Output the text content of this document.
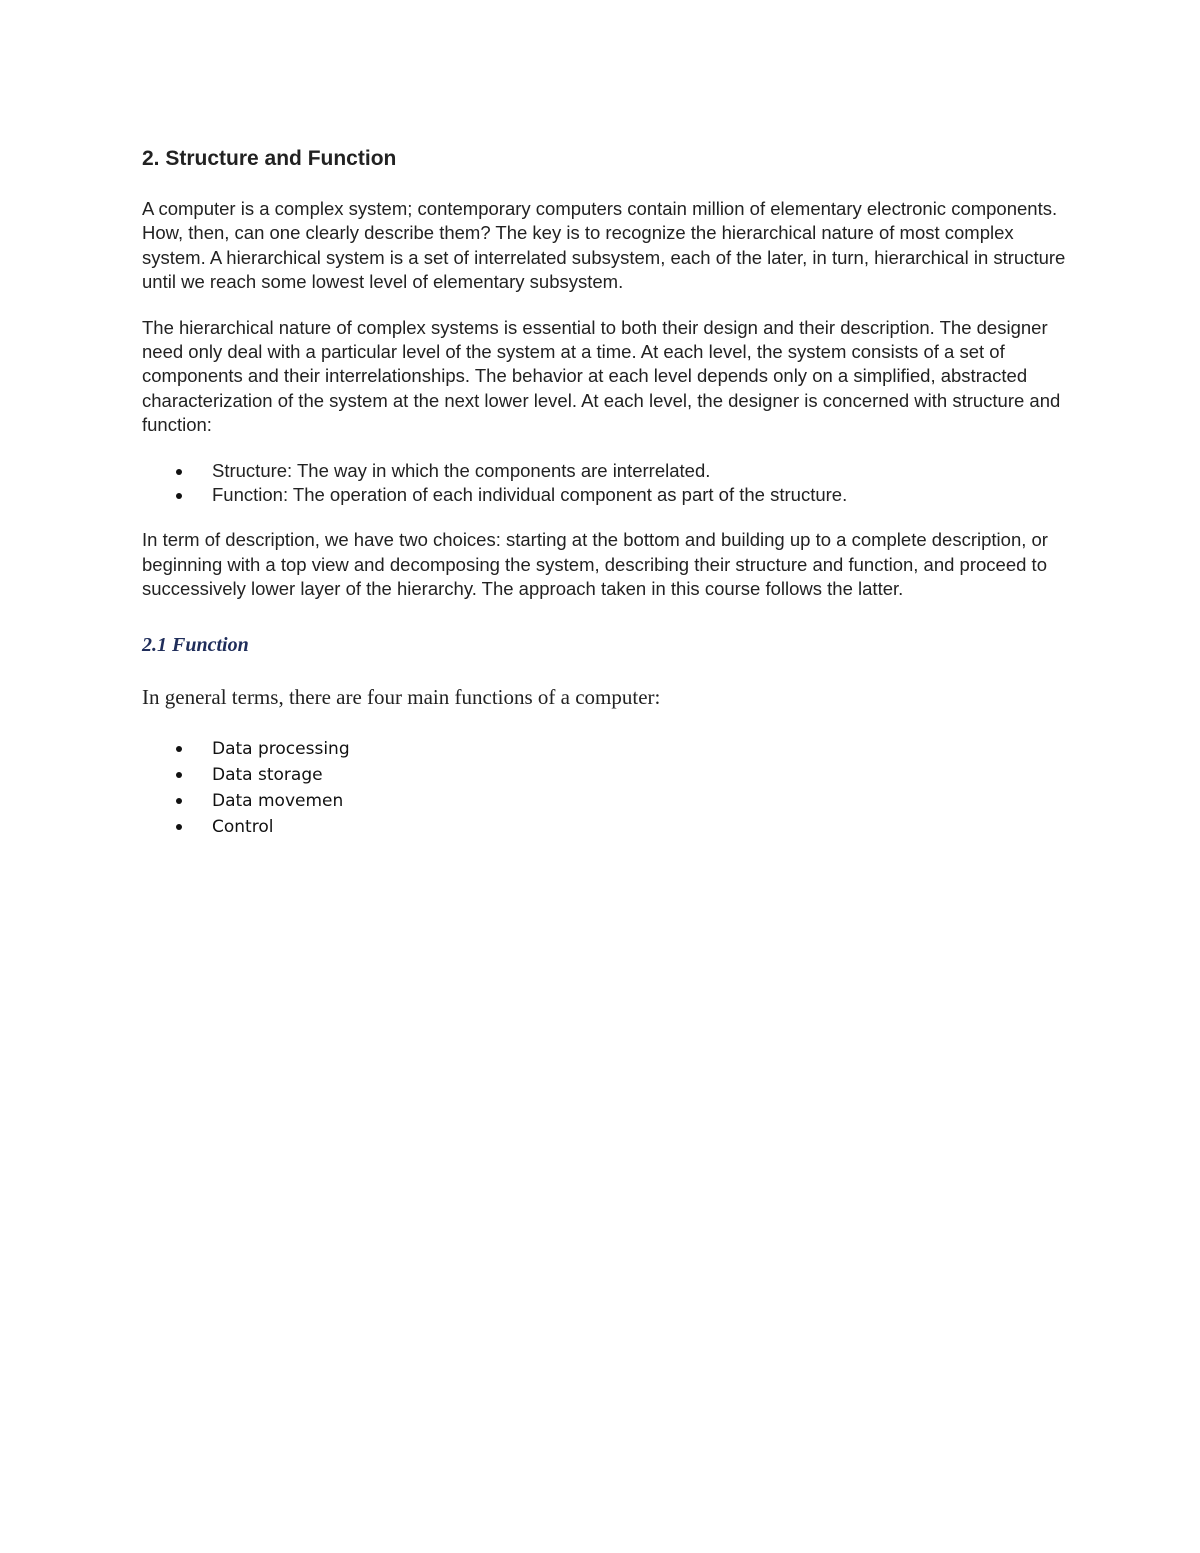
2. Structure and Function

A computer is a complex system; contemporary computers contain million of elementary electronic components. How, then, can one clearly describe them? The key is to recognize the hierarchical nature of most complex system. A hierarchical system is a set of interrelated subsystem, each of the later, in turn, hierarchical in structure until we reach some lowest level of elementary subsystem.

The hierarchical nature of complex systems is essential to both their design and their description. The designer need only deal with a particular level of the system at a time. At each level, the system consists of a set of components and their interrelationships. The behavior at each level depends only on a simplified, abstracted characterization of the system at the next lower level. At each level, the designer is concerned with structure and function:

Structure: The way in which the components are interrelated.
Function: The operation of each individual component as part of the structure.

In term of description, we have two choices: starting at the bottom and building up to a complete description, or beginning with a top view and decomposing the system, describing their structure and function, and proceed to successively lower layer of the hierarchy. The approach taken in this course follows the latter.

2.1 Function

In general terms, there are four main functions of a computer:

Data processing
Data storage
Data movemen
Control
